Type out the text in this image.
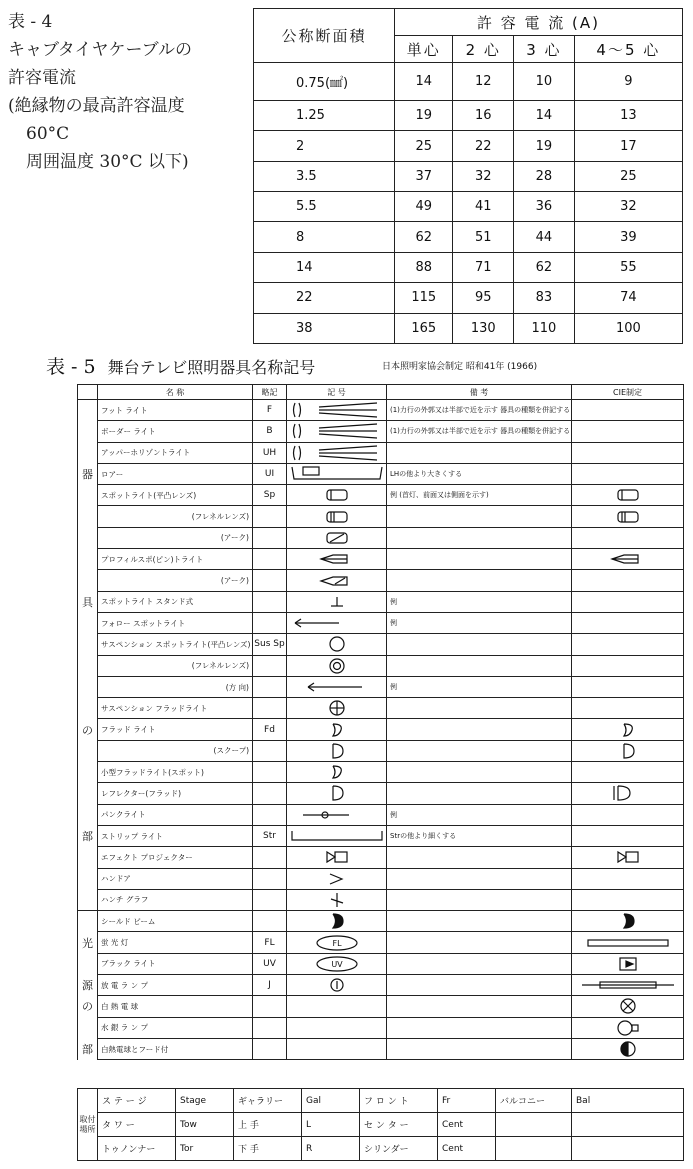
表 - 4
キャブタイヤケーブルの
許容電流
(絶縁物の最高許容温度
60°C
周囲温度 30°C 以下)
公称断面積	許 容 電 流 (A)			
	単心	2 心	3 心	4～5 心
0.75(㎟)	14	12	10	9
1.25	19	16	14	13
2	25	22	19	17
3.5	37	32	28	25
5.5	49	41	36	32
8	62	51	44	39
14	88	71	62	55
22	115	95	83	74
38	165	130	110	100
表 - 5 舞台テレビ照明器具名称記号	日本照明家協会制定 昭和41年 (1966)
	名 称	略記	記 号	備 考	CIE制定
	フット ライト	F		(1)力行の外郭又は半部で近を示す 器具の種類を併記する	
	ボーダー ライト	B		(1)力行の外郭又は半部で近を示す 器具の種類を併記する	
	アッパーホリゾントライト	UH	

器	ロアー	UI		LHの他より大きくする	
	スポットライト(平凸レンズ)	Sp		例 (首灯、前面又は側面を示す)	

	(フレネルレンズ)		

	(アーク)		

	プロフィルスポ(ピン)トライト		

	(アーク)		

具	スポットライト スタンド式			例	
	フォロー スポットライト			例	
	サスペンション スポットライト(平凸レンズ)	Sus Sp	

	(フレネルレンズ)		

	(方 向)			例	
	サスペンション フラッドライト		

の	フラッド ライト	Fd	

	(スクープ)		

	小型フラッドライト(スポット)		

	レフレクター(フラッド)		

	パンクライト			例	
部	ストリップ ライト	Str		Strの他より細くする	
	エフェクト プロジェクター		

	ハンドア		

	ハンチ グラフ		

	シールド ビーム		

光	蛍 光 灯	FL	FL

	ブラック ライト	UV	UV

源	放 電 ラ ン プ	J	

の	白 熱 電 球				

	水 銀 ラ ン プ				

部	白熱電球とフード付				
取付場所	ス テ ー ジ	Stage	ギャラリー	Gal	フ ロ ン ト	Fr	バルコニー	Bal	
	タ ワ ー	Tow	上 手	L	セ ン タ ー	Cent			
	トゥノンナー	Tor	下 手	R	シリンダー	Cent			
